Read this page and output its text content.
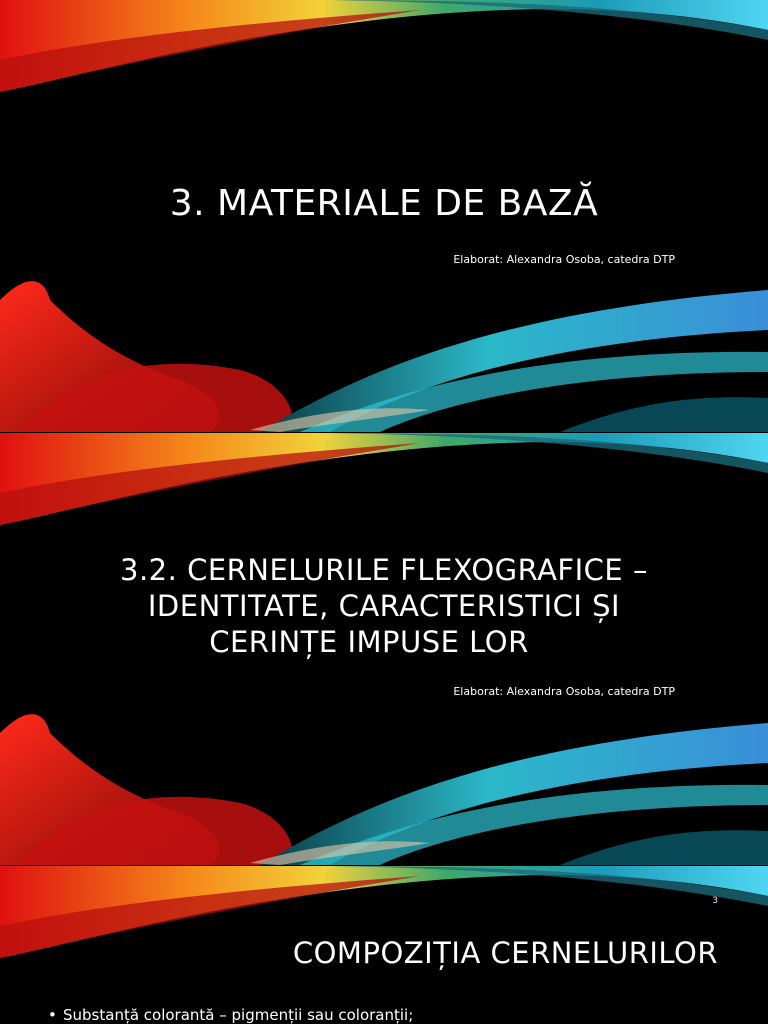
3. MATERIALE DE BAZĂ
Elaborat: Alexandra Osoba, catedra DTP
3.2. CERNELURILE FLEXOGRAFICE –
IDENTITATE, CARACTERISTICI ȘI
CERINȚE IMPUSE LOR
Elaborat: Alexandra Osoba, catedra DTP
3
COMPOZIȚIA CERNELURILOR
• Substanță colorantă – pigmenții sau coloranții;
